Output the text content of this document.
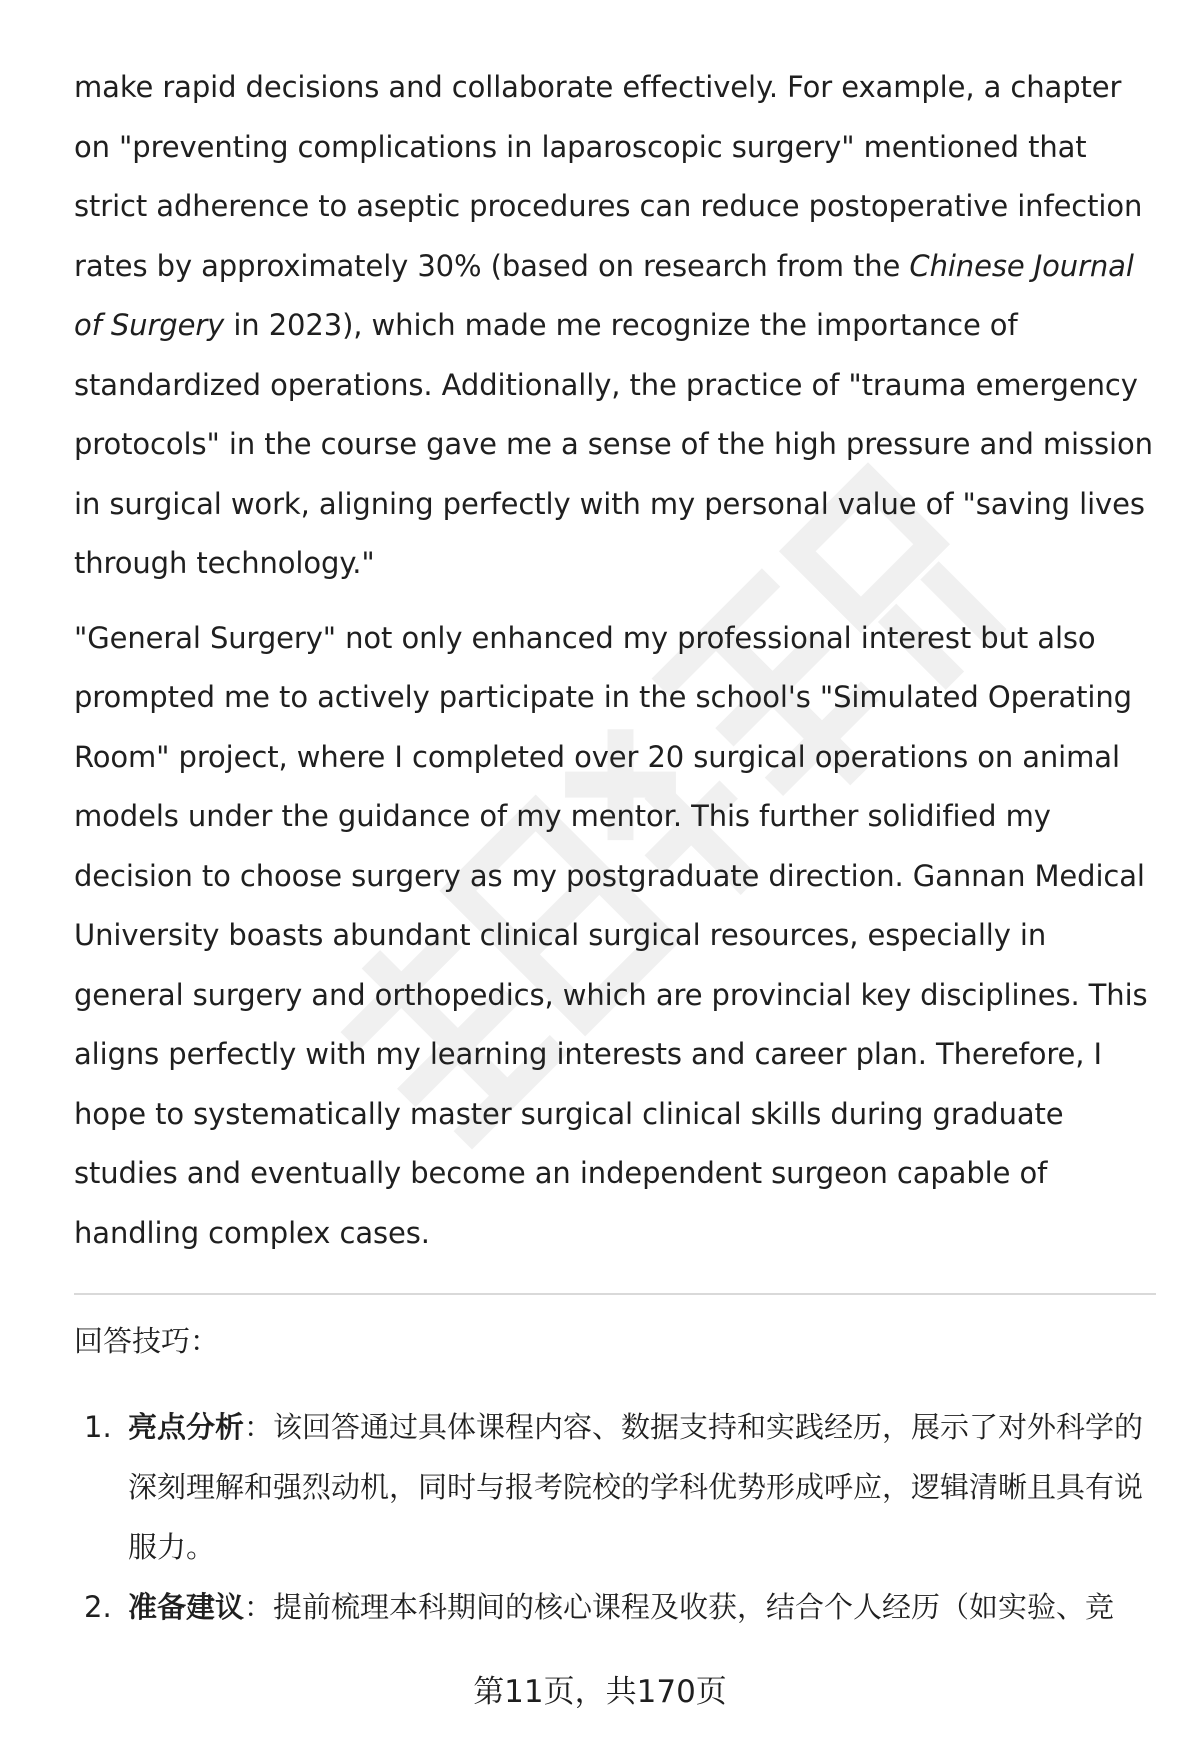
make rapid decisions and collaborate effectively. For example, a chapter on "preventing complications in laparoscopic surgery" mentioned that strict adherence to aseptic procedures can reduce postoperative infection rates by approximately 30% (based on research from the Chinese Journal of Surgery in 2023), which made me recognize the importance of standardized operations. Additionally, the practice of "trauma emergency protocols" in the course gave me a sense of the high pressure and mission in surgical work, aligning perfectly with my personal value of "saving lives through technology."

"General Surgery" not only enhanced my professional interest but also prompted me to actively participate in the school's "Simulated Operating Room" project, where I completed over 20 surgical operations on animal models under the guidance of my mentor. This further solidified my decision to choose surgery as my postgraduate direction. Gannan Medical University boasts abundant clinical surgical resources, especially in general surgery and orthopedics, which are provincial key disciplines. This aligns perfectly with my learning interests and career plan. Therefore, I hope to systematically master surgical clinical skills during graduate studies and eventually become an independent surgeon capable of handling complex cases.

回答技巧：
1. 亮点分析：该回答通过具体课程内容、数据支持和实践经历，展示了对外科学的深刻理解和强烈动机，同时与报考院校的学科优势形成呼应，逻辑清晰且具有说服力。
2. 准备建议：提前梳理本科期间的核心课程及收获，结合个人经历（如实验、竞
第11页，共170页
